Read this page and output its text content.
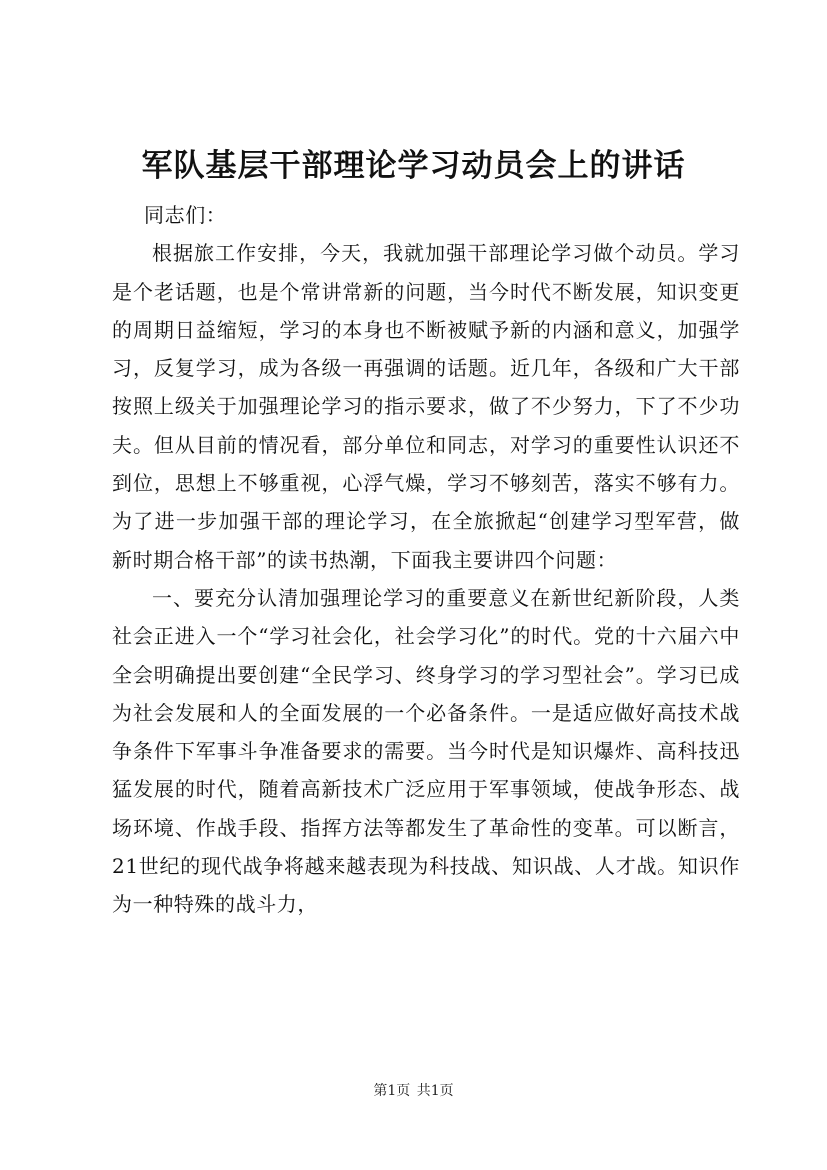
军队基层干部理论学习动员会上的讲话

同志们：

根据旅工作安排，今天，我就加强干部理论学习做个动员。学习是个老话题，也是个常讲常新的问题，当今时代不断发展，知识变更的周期日益缩短，学习的本身也不断被赋予新的内涵和意义，加强学习，反复学习，成为各级一再强调的话题。近几年，各级和广大干部按照上级关于加强理论学习的指示要求，做了不少努力，下了不少功夫。但从目前的情况看，部分单位和同志，对学习的重要性认识还不到位，思想上不够重视，心浮气燥，学习不够刻苦，落实不够有力。为了进一步加强干部的理论学习，在全旅掀起“创建学习型军营，做新时期合格干部”的读书热潮，下面我主要讲四个问题：

一、要充分认清加强理论学习的重要意义在新世纪新阶段，人类社会正进入一个“学习社会化，社会学习化”的时代。党的十六届六中全会明确提出要创建“全民学习、终身学习的学习型社会”。学习已成为社会发展和人的全面发展的一个必备条件。一是适应做好高技术战争条件下军事斗争准备要求的需要。当今时代是知识爆炸、高科技迅猛发展的时代，随着高新技术广泛应用于军事领域，使战争形态、战场环境、作战手段、指挥方法等都发生了革命性的变革。可以断言，21世纪的现代战争将越来越表现为科技战、知识战、人才战。知识作为一种特殊的战斗力，

第1页 共1页
